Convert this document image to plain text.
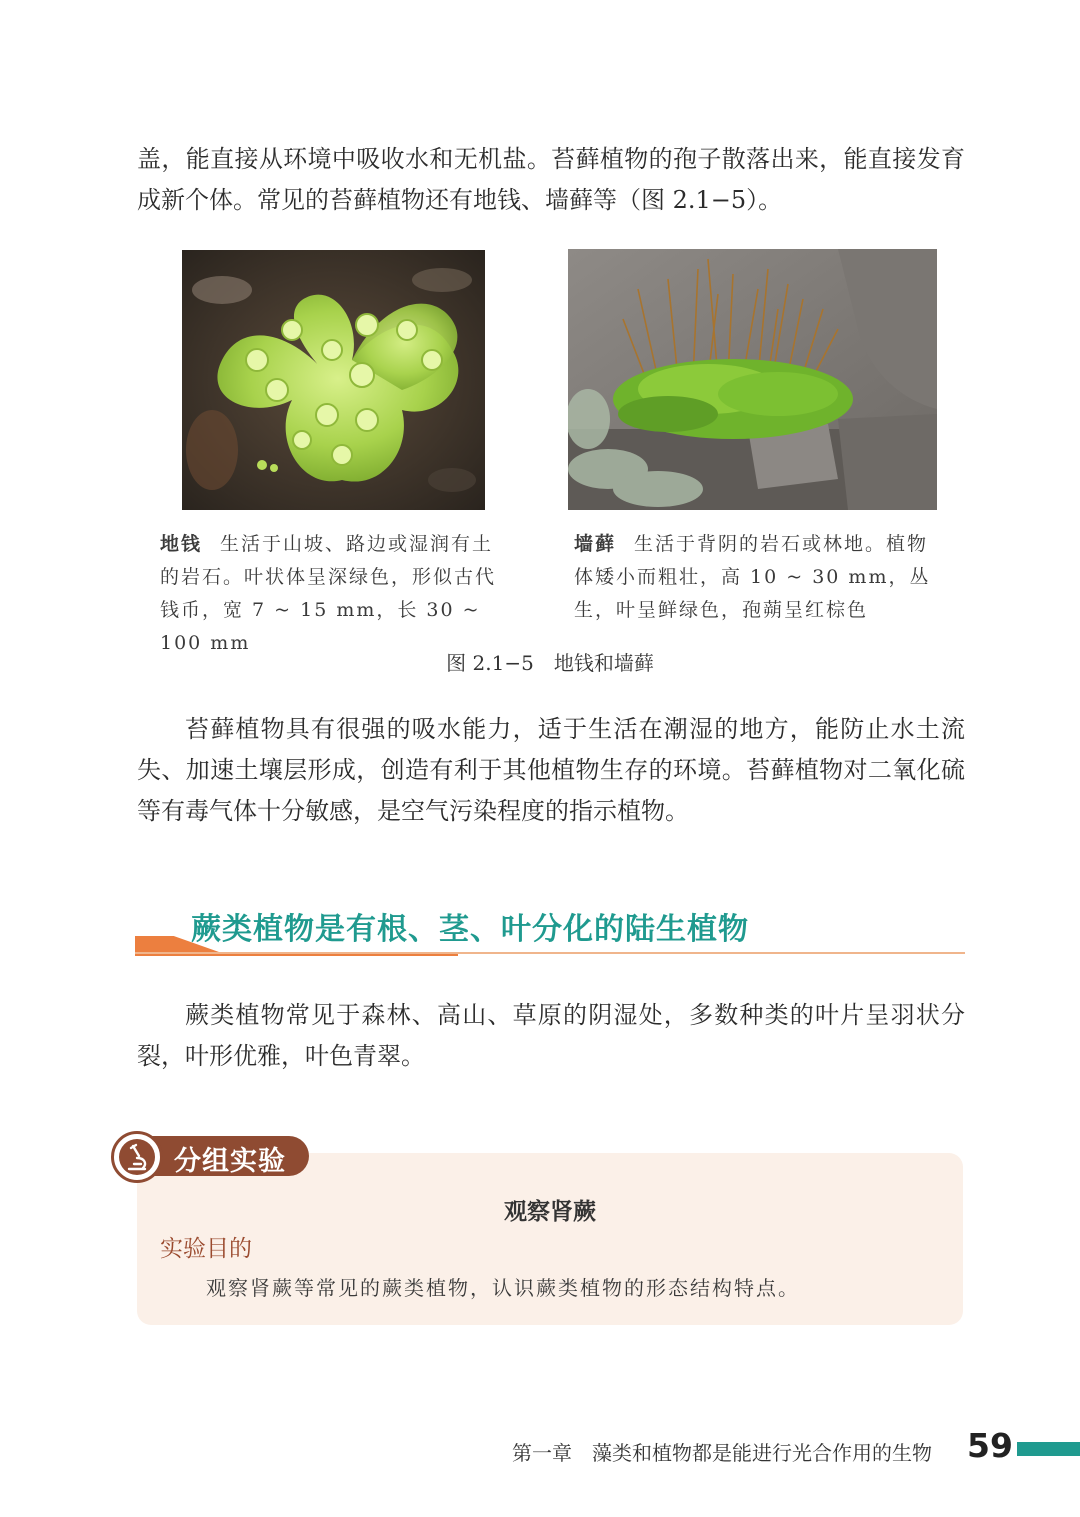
盖，能直接从环境中吸收水和无机盐。苔藓植物的孢子散落出来，能直接发育成新个体。常见的苔藓植物还有地钱、墙藓等（图 2.1−5）。

地钱 生活于山坡、路边或湿润有土的岩石。叶状体呈深绿色，形似古代钱币，宽 7 ~ 15 mm，长 30 ~ 100 mm

墙藓 生活于背阴的岩石或林地。植物体矮小而粗壮，高 10 ~ 30 mm，丛生，叶呈鲜绿色，孢蒴呈红棕色

图 2.1−5　地钱和墙藓

苔藓植物具有很强的吸水能力，适于生活在潮湿的地方，能防止水土流失、加速土壤层形成，创造有利于其他植物生存的环境。苔藓植物对二氧化硫等有毒气体十分敏感，是空气污染程度的指示植物。

蕨类植物是有根、茎、叶分化的陆生植物

蕨类植物常见于森林、高山、草原的阴湿处，多数种类的叶片呈羽状分裂，叶形优雅，叶色青翠。

分组实验
观察肾蕨
实验目的
观察肾蕨等常见的蕨类植物，认识蕨类植物的形态结构特点。
第一章　藻类和植物都是能进行光合作用的生物 59
